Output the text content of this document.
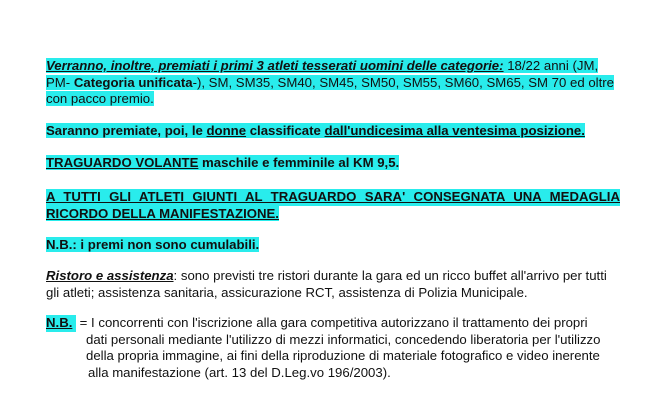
Verranno, inoltre, premiati i primi 3 atleti tesserati uomini delle categorie: 18/22 anni (JM,
PM- Categoria unificata-), SM, SM35, SM40, SM45, SM50, SM55, SM60, SM65, SM 70 ed oltre
con pacco premio.
Saranno premiate, poi, le donne classificate dall'undicesima alla ventesima posizione.
TRAGUARDO VOLANTE maschile e femminile al KM 9,5.
A TUTTI GLI ATLETI GIUNTI AL TRAGUARDO SARA' CONSEGNATA UNA MEDAGLIA
RICORDO DELLA MANIFESTAZIONE.
N.B.: i premi non sono cumulabili.
Ristoro e assistenza: sono previsti tre ristori durante la gara ed un ricco buffet all'arrivo per tutti
gli atleti; assistenza sanitaria, assicurazione RCT, assistenza di Polizia Municipale.
N.B. = I concorrenti con l'iscrizione alla gara competitiva autorizzano il trattamento dei propri
dati personali mediante l'utilizzo di mezzi informatici, concedendo liberatoria per l'utilizzo
della propria immagine, ai fini della riproduzione di materiale fotografico e video inerente
alla manifestazione (art. 13 del D.Leg.vo 196/2003).
